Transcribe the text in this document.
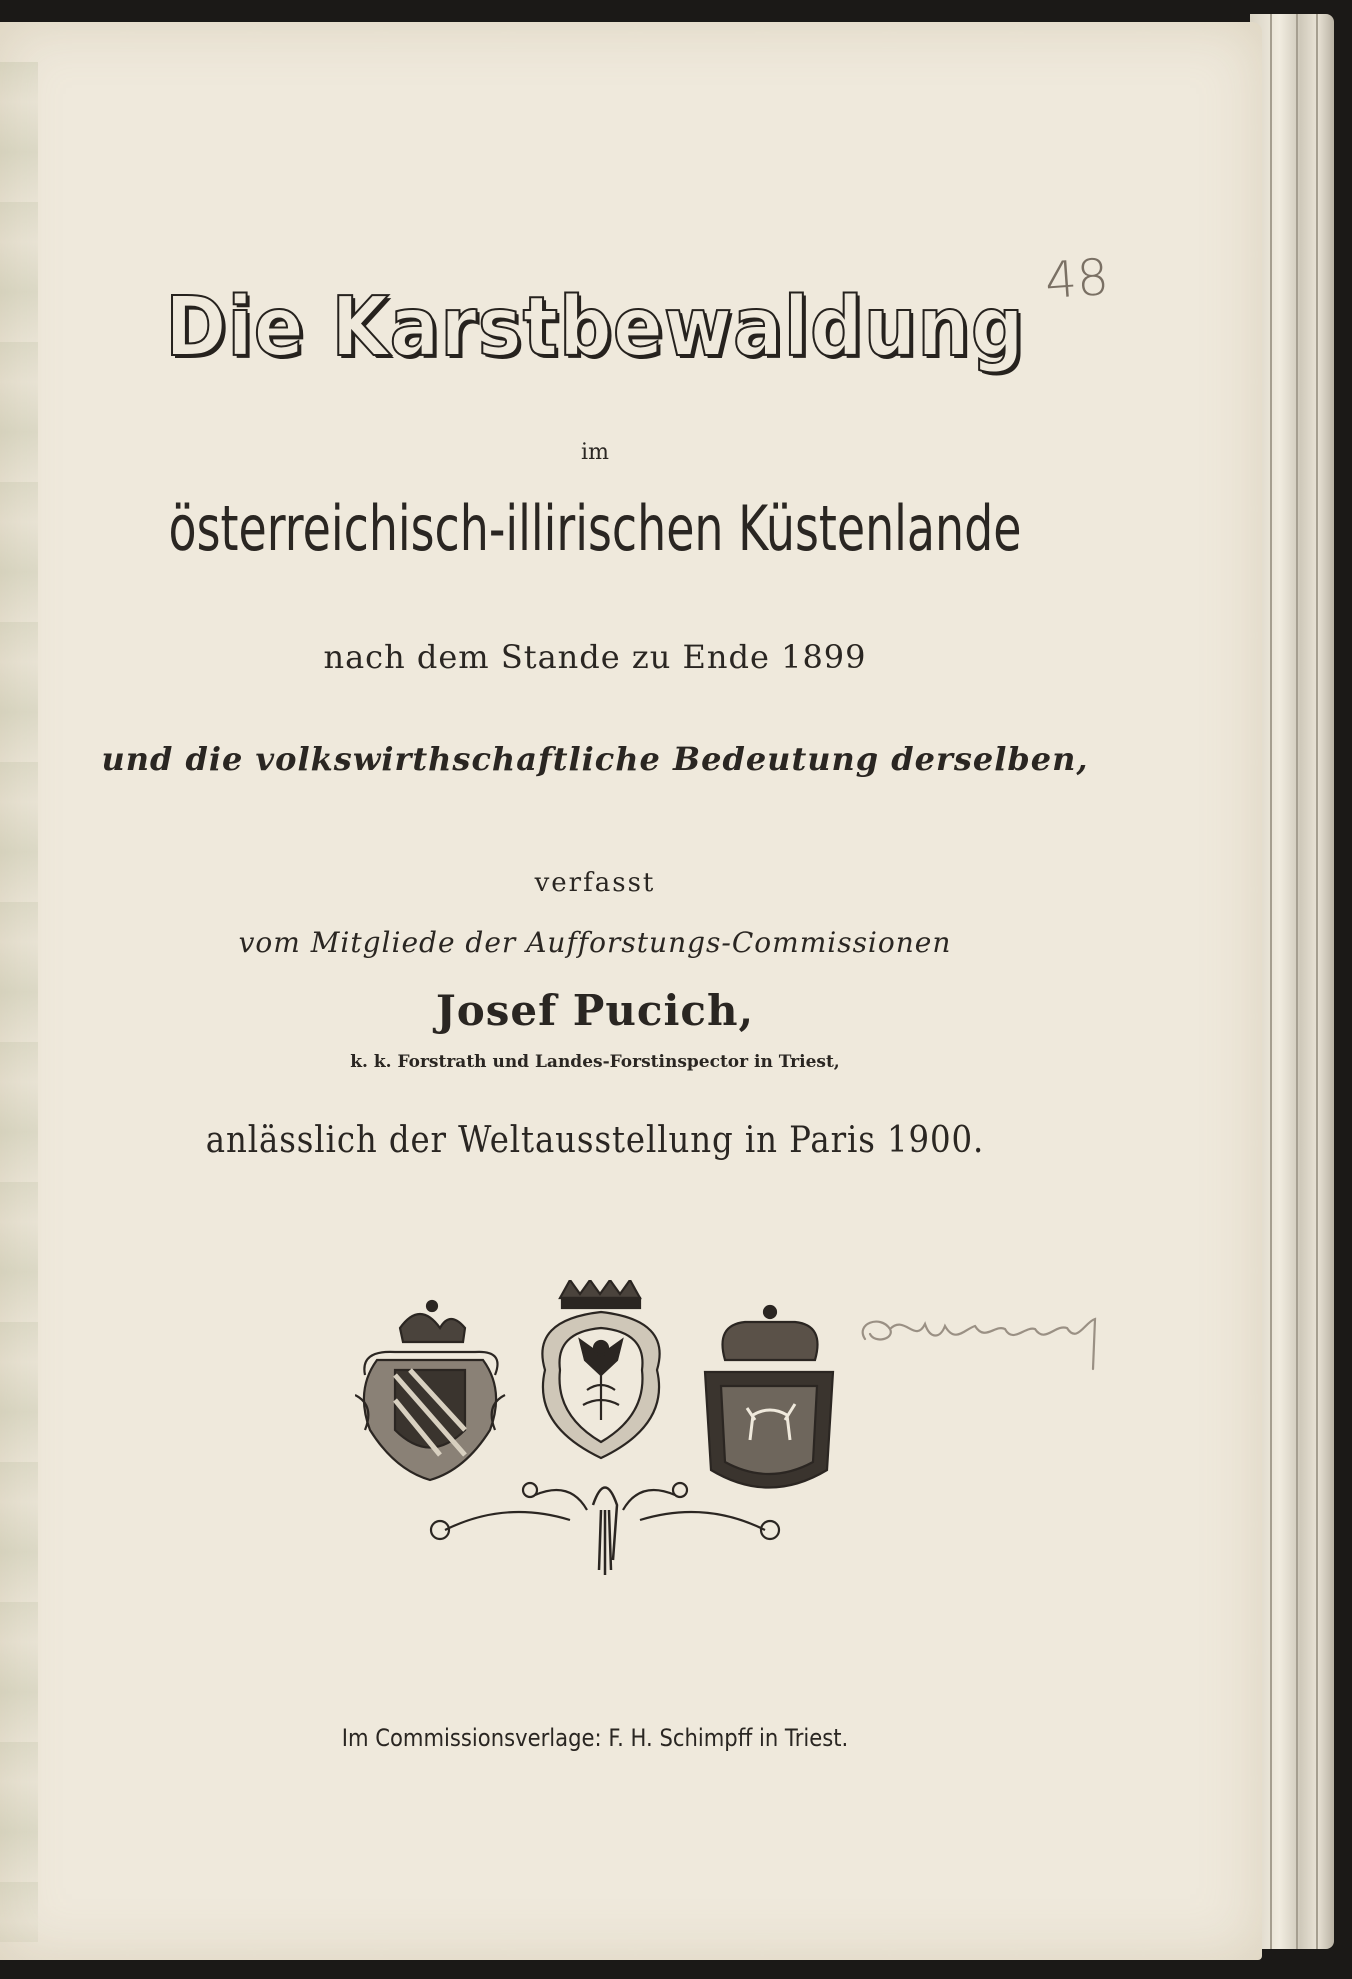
48
Die Karstbewaldung
im
österreichisch-illirischen Küstenlande
nach dem Stande zu Ende 1899
und die volkswirthschaftliche Bedeutung derselben,
verfasst
vom Mitgliede der Aufforstungs-Commissionen
Josef Pucich,
k. k. Forstrath und Landes-Forstinspector in Triest,
anlässlich der Weltausstellung in Paris 1900.
Im Commissionsverlage: F. H. Schimpff in Triest.
